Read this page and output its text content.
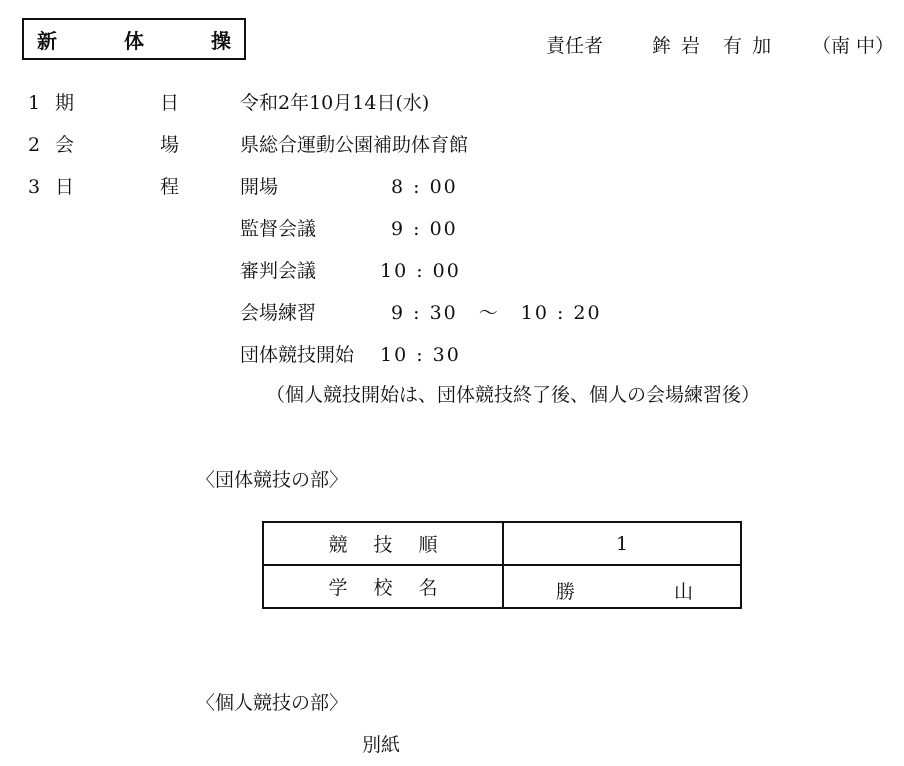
新 体 操	責任者	鉾 岩　有 加 （南 中）
1 期　　日 令和2年10月14日(水)
2 会　　場 県総合運動公園補助体育館
3 日　　程 開場	8 : 00
監督会議	9 : 00
審判会議	10 : 00
会場練習	9 : 30　～　10 : 20
団体競技開始 10 : 30
（個人競技開始は、団体競技終了後、個人の会場練習後）
〈団体競技の部〉
競技順	1
学校名	勝 山
〈個人競技の部〉
別紙
